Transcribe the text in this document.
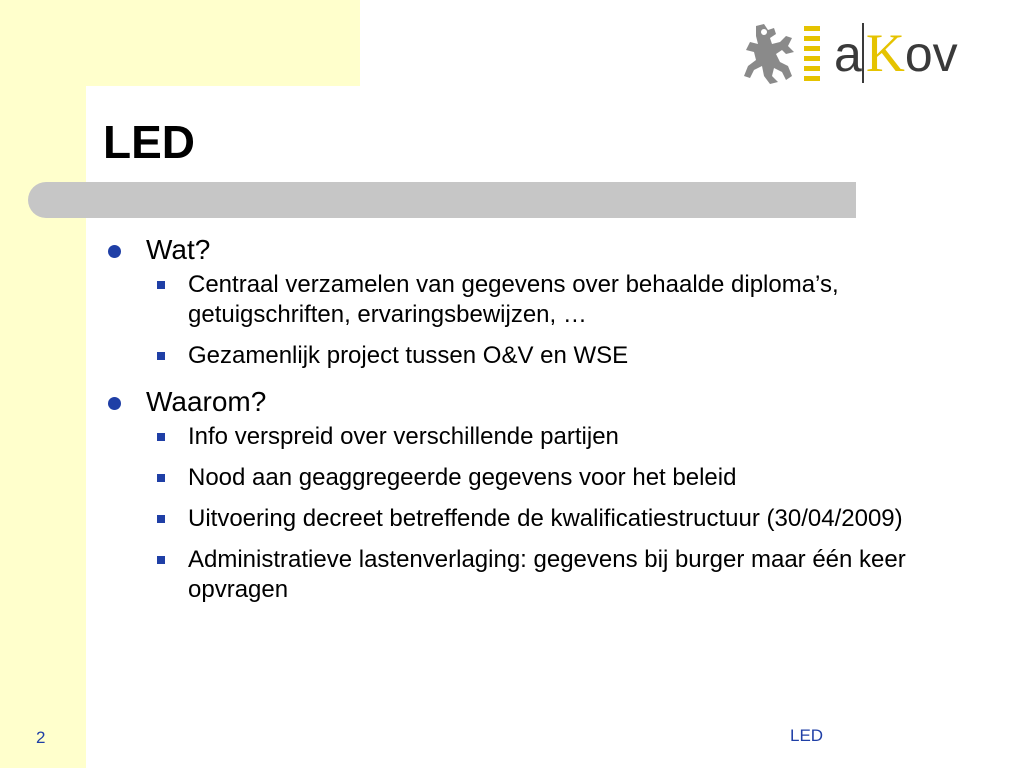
aKov
LED
Wat?
Centraal verzamelen van gegevens over behaalde diploma’s, getuigschriften, ervaringsbewijzen, …
Gezamenlijk project tussen O&V en WSE
Waarom?
Info verspreid over verschillende partijen
Nood aan geaggregeerde gegevens voor het beleid
Uitvoering decreet betreffende de kwalificatiestructuur (30/04/2009)
Administratieve lastenverlaging: gegevens bij burger maar één keer opvragen
2	LED
